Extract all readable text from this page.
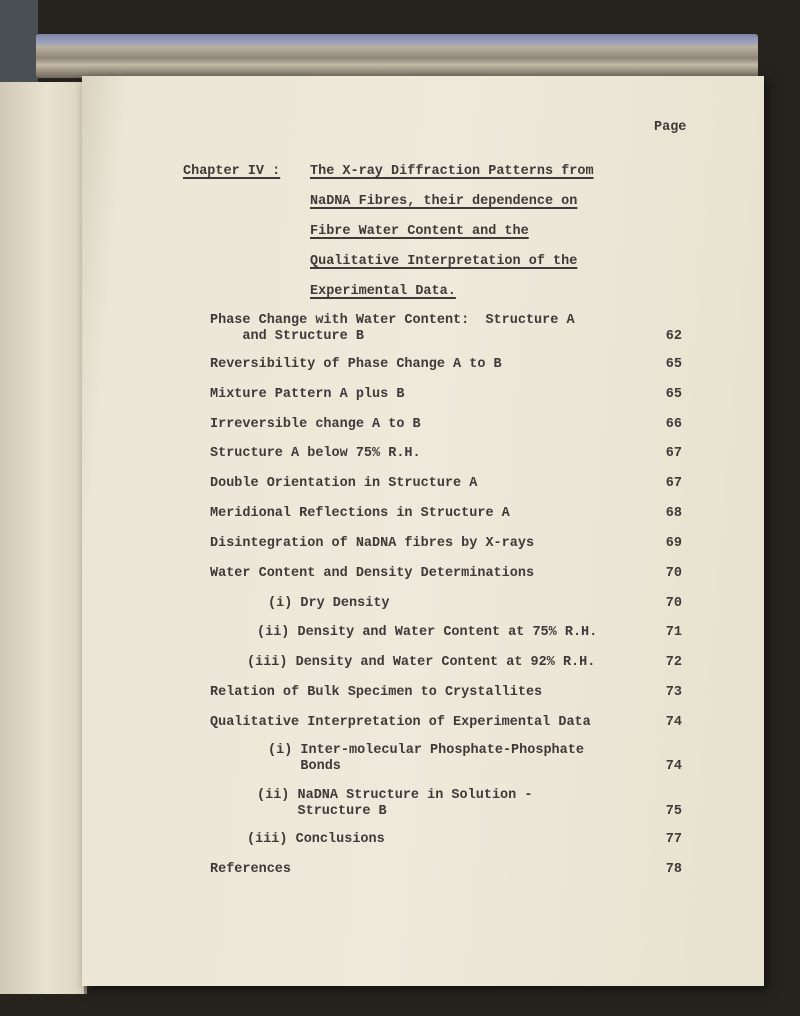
Page
Chapter IV : The X-ray Diffraction Patterns from
NaDNA Fibres, their dependence on
Fibre Water Content and the
Qualitative Interpretation of the
Experimental Data.
Phase Change with Water Content:  Structure A
and Structure B	62
Reversibility of Phase Change A to B	65
Mixture Pattern A plus B	65
Irreversible change A to B	66
Structure A below 75% R.H.	67
Double Orientation in Structure A	67
Meridional Reflections in Structure A	68
Disintegration of NaDNA fibres by X-rays	69
Water Content and Density Determinations	70
(i) Dry Density	70
(ii) Density and Water Content at 75% R.H.	71
(iii) Density and Water Content at 92% R.H.	72
Relation of Bulk Specimen to Crystallites	73
Qualitative Interpretation of Experimental Data	74
(i) Inter-molecular Phosphate-Phosphate
Bonds	74
(ii) NaDNA Structure in Solution -
Structure B	75
(iii) Conclusions	77
References	78
